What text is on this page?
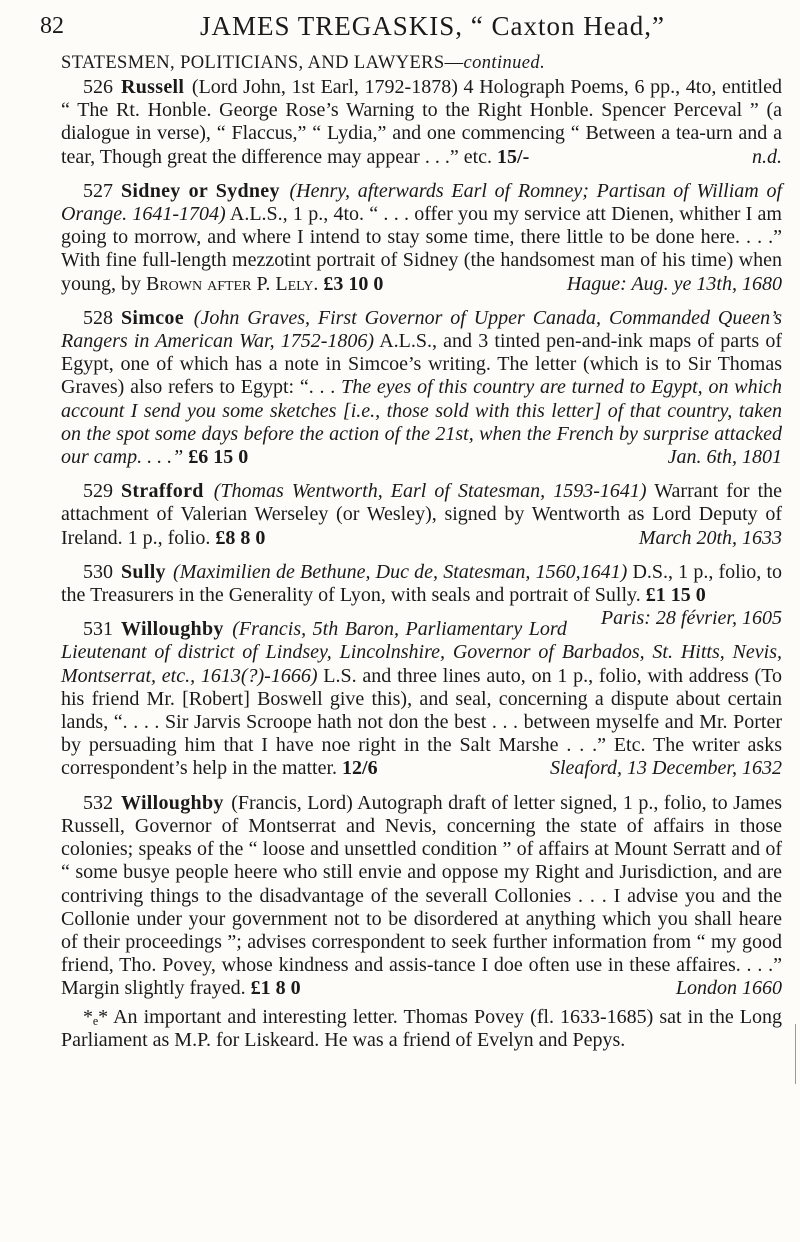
82	JAMES TREGASKIS, “ Caxton Head,”
STATESMEN, POLITICIANS, AND LAWYERS—continued.

526 Russell (Lord John, 1st Earl, 1792-1878) 4 Holograph Poems, 6 pp., 4to, entitled “ The Rt. Honble. George Rose’s Warning to the Right Honble. Spencer Perceval ” (a dialogue in verse), “ Flaccus,” “ Lydia,” and one commencing “ Between a tea-urn and a tear, Though great the difference may appear . . .” etc. 15/-	n.d.

527 Sidney or Sydney (Henry, afterwards Earl of Romney; Partisan of William of Orange. 1641-1704) A.L.S., 1 p., 4to. “ . . . offer you my service att Dienen, whither I am going to morrow, and where I intend to stay some time, there little to be done here. . . .” With fine full-length mezzotint portrait of Sidney (the handsomest man of his time) when young, by Brown after P. Lely. £3 10 0	Hague: Aug. ye 13th, 1680

528 Simcoe (John Graves, First Governor of Upper Canada, Commanded Queen’s Rangers in American War, 1752-1806) A.L.S., and 3 tinted pen-and-ink maps of parts of Egypt, one of which has a note in Simcoe’s writing. The letter (which is to Sir Thomas Graves) also refers to Egypt: “. . . The eyes of this country are turned to Egypt, on which account I send you some sketches [i.e., those sold with this letter] of that country, taken on the spot some days before the action of the 21st, when the French by surprise attacked our camp. . . .” £6 15 0	Jan. 6th, 1801

529 Strafford (Thomas Wentworth, Earl of Statesman, 1593-1641) Warrant for the attachment of Valerian Werseley (or Wesley), signed by Wentworth as Lord Deputy of Ireland. 1 p., folio. £8 8 0	March 20th, 1633

530 Sully (Maximilien de Bethune, Duc de, Statesman, 1560,1641) D.S., 1 p., folio, to the Treasurers in the Generality of Lyon, with seals and portrait of Sully. £1 15 0
Paris: 28 février, 1605

531 Willoughby (Francis, 5th Baron, Parliamentary Lord Lieutenant of district of Lindsey, Lincolnshire, Governor of Barbados, St. Hitts, Nevis, Montserrat, etc., 1613(?)-1666) L.S. and three lines auto, on 1 p., folio, with address (To his friend Mr. [Robert] Boswell give this), and seal, concerning a dispute about certain lands, “. . . . Sir Jarvis Scroope hath not don the best . . . between myselfe and Mr. Porter by persuading him that I have noe right in the Salt Marshe . . .” Etc. The writer asks correspondent’s help in the matter. 12/6	Sleaford, 13 December, 1632

532 Willoughby (Francis, Lord) Autograph draft of letter signed, 1 p., folio, to James Russell, Governor of Montserrat and Nevis, concerning the state of affairs in those colonies; speaks of the “ loose and unsettled condition ” of affairs at Mount Serratt and of “ some busye people heere who still envie and oppose my Right and Jurisdiction, and are contriving things to the disadvantage of the severall Collonies . . . I advise you and the Collonie under your government not to be disordered at anything which you shall heare of their proceedings ”; advises correspondent to seek further information from “ my good friend, Tho. Povey, whose kindness and assis-tance I doe often use in these affaires. . . .” Margin slightly frayed. £1 8 0	London 1660

*ₑ* An important and interesting letter. Thomas Povey (fl. 1633-1685) sat in the Long Parliament as M.P. for Liskeard. He was a friend of Evelyn and Pepys.
